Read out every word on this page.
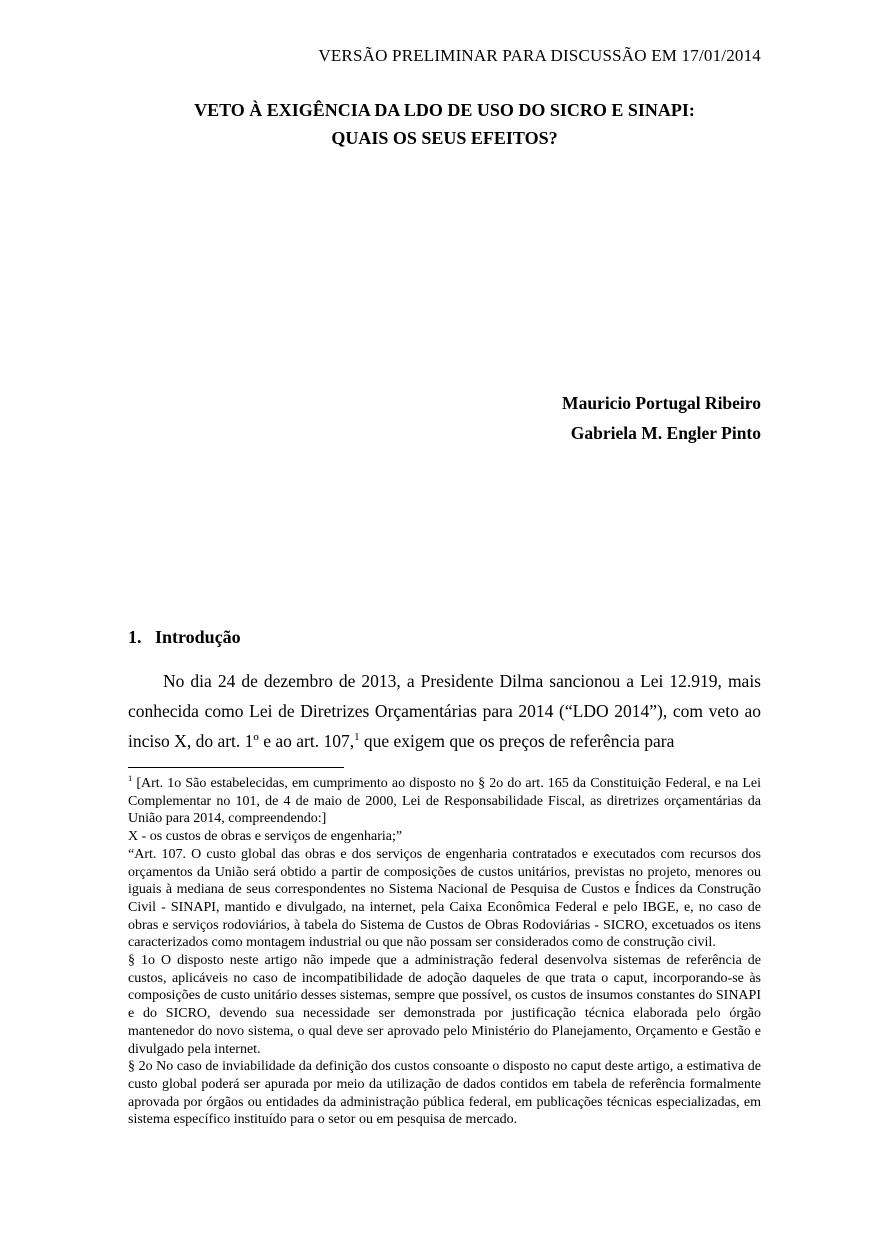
VERSÃO PRELIMINAR PARA DISCUSSÃO EM 17/01/2014
VETO À EXIGÊNCIA DA LDO DE USO DO SICRO E SINAPI:
QUAIS OS SEUS EFEITOS?
Mauricio Portugal Ribeiro
Gabriela M. Engler Pinto
1. Introdução

No dia 24 de dezembro de 2013, a Presidente Dilma sancionou a Lei 12.919, mais conhecida como Lei de Diretrizes Orçamentárias para 2014 (“LDO 2014”), com veto ao inciso X, do art. 1º e ao art. 107,$^1$ que exigem que os preços de referência para

$^1$ [Art. 1o São estabelecidas, em cumprimento ao disposto no § 2o do art. 165 da Constituição Federal, e na Lei Complementar no 101, de 4 de maio de 2000, Lei de Responsabilidade Fiscal, as diretrizes orçamentárias da União para 2014, compreendendo:]
X - os custos de obras e serviços de engenharia;”
“Art. 107. O custo global das obras e dos serviços de engenharia contratados e executados com recursos dos orçamentos da União será obtido a partir de composições de custos unitários, previstas no projeto, menores ou iguais à mediana de seus correspondentes no Sistema Nacional de Pesquisa de Custos e Índices da Construção Civil - SINAPI, mantido e divulgado, na internet, pela Caixa Econômica Federal e pelo IBGE, e, no caso de obras e serviços rodoviários, à tabela do Sistema de Custos de Obras Rodoviárias - SICRO, excetuados os itens caracterizados como montagem industrial ou que não possam ser considerados como de construção civil.
§ 1o O disposto neste artigo não impede que a administração federal desenvolva sistemas de referência de custos, aplicáveis no caso de incompatibilidade de adoção daqueles de que trata o caput, incorporando-se às composições de custo unitário desses sistemas, sempre que possível, os custos de insumos constantes do SINAPI e do SICRO, devendo sua necessidade ser demonstrada por justificação técnica elaborada pelo órgão mantenedor do novo sistema, o qual deve ser aprovado pelo Ministério do Planejamento, Orçamento e Gestão e divulgado pela internet.
§ 2o No caso de inviabilidade da definição dos custos consoante o disposto no caput deste artigo, a estimativa de custo global poderá ser apurada por meio da utilização de dados contidos em tabela de referência formalmente aprovada por órgãos ou entidades da administração pública federal, em publicações técnicas especializadas, em sistema específico instituído para o setor ou em pesquisa de mercado.
